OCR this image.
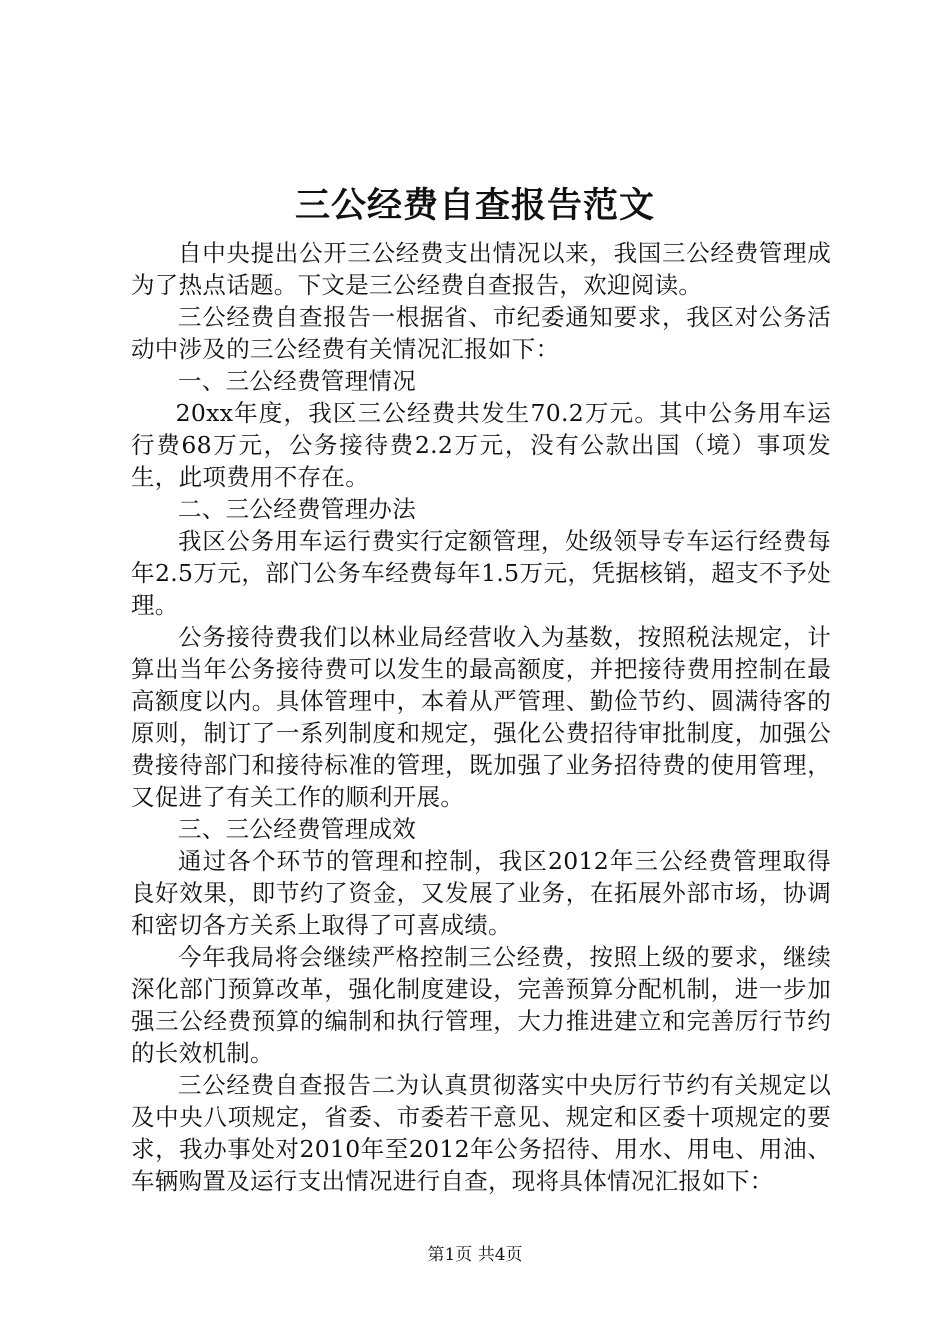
三公经费自查报告范文

自中央提出公开三公经费支出情况以来，我国三公经费管理成为了热点话题。下文是三公经费自查报告，欢迎阅读。

三公经费自查报告一根据省、市纪委通知要求，我区对公务活动中涉及的三公经费有关情况汇报如下：

一、三公经费管理情况

20xx年度，我区三公经费共发生70.2万元。其中公务用车运行费68万元，公务接待费2.2万元，没有公款出国（境）事项发生，此项费用不存在。

二、三公经费管理办法

我区公务用车运行费实行定额管理，处级领导专车运行经费每年2.5万元，部门公务车经费每年1.5万元，凭据核销，超支不予处理。

公务接待费我们以林业局经营收入为基数，按照税法规定，计算出当年公务接待费可以发生的最高额度，并把接待费用控制在最高额度以内。具体管理中，本着从严管理、勤俭节约、圆满待客的原则，制订了一系列制度和规定，强化公费招待审批制度，加强公费接待部门和接待标准的管理，既加强了业务招待费的使用管理，又促进了有关工作的顺利开展。

三、三公经费管理成效

通过各个环节的管理和控制，我区2012年三公经费管理取得良好效果，即节约了资金，又发展了业务，在拓展外部市场，协调和密切各方关系上取得了可喜成绩。

今年我局将会继续严格控制三公经费，按照上级的要求，继续深化部门预算改革，强化制度建设，完善预算分配机制，进一步加强三公经费预算的编制和执行管理，大力推进建立和完善厉行节约的长效机制。

三公经费自查报告二为认真贯彻落实中央厉行节约有关规定以及中央八项规定，省委、市委若干意见、规定和区委十项规定的要求，我办事处对2010年至2012年公务招待、用水、用电、用油、车辆购置及运行支出情况进行自查，现将具体情况汇报如下：

第1页 共4页
